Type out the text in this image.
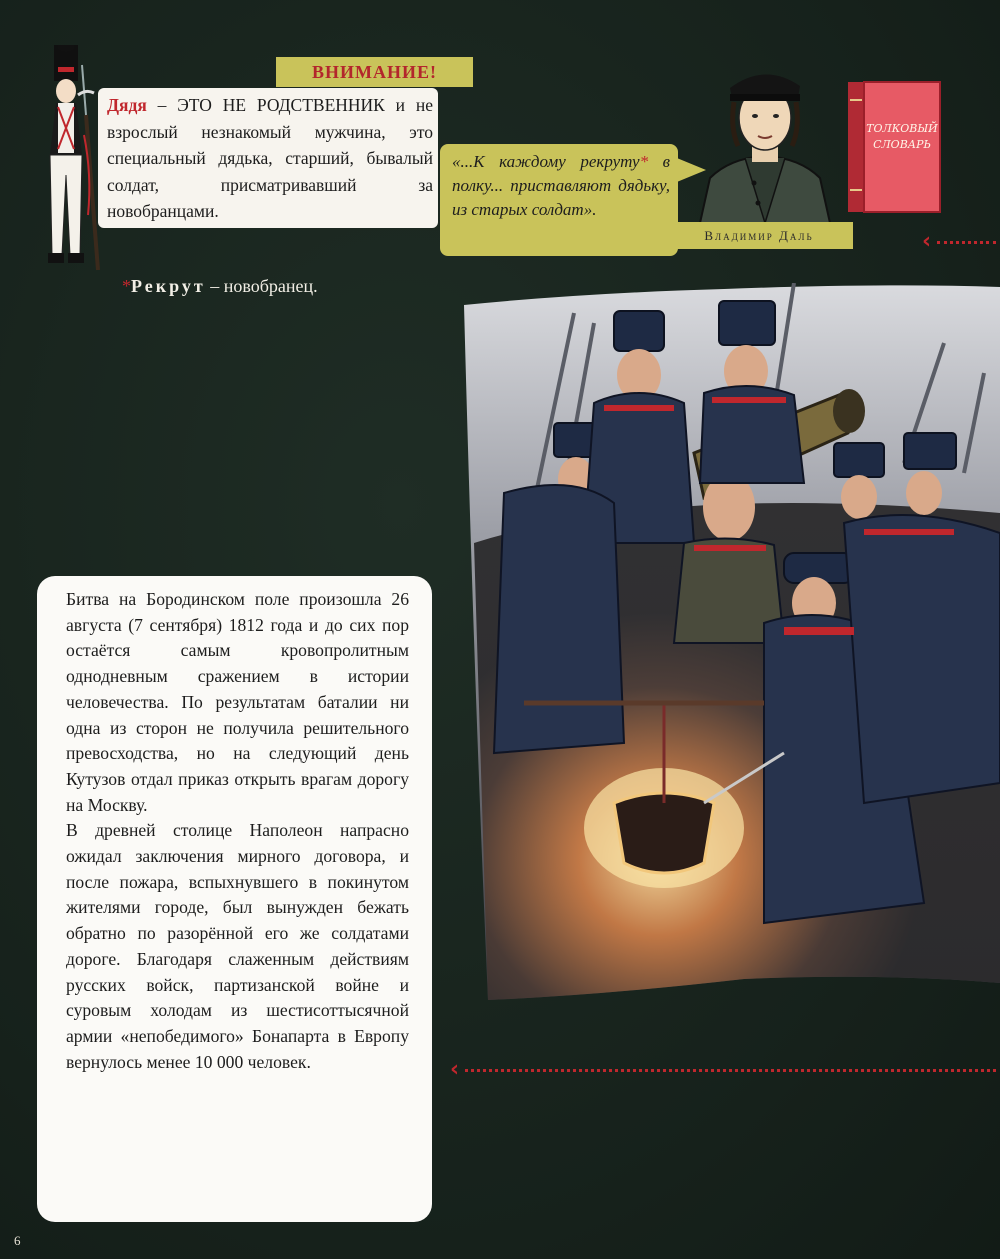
ВНИМАНИЕ!
Дядя – ЭТО НЕ РОДСТВЕННИК и не взрослый незнакомый мужчина, это специальный дядька, старший, бывалый солдат, присматривавший за новобранцами.
«...К каждому рекруту* в полку... приставляют дядьку, из старых солдат».
Владимир Даль
ТОЛКОВЫЙ
СЛОВАРЬ
‹
‹
*Рекрут – новобранец.

Битва на Бородинском поле произошла 26 августа (7 сентября) 1812 года и до сих пор остаётся самым кровопролитным однодневным сражением в истории человечества. По результатам баталии ни одна из сторон не получила решительного превосходства, но на следующий день Кутузов отдал приказ открыть врагам дорогу на Москву.

В древней столице Наполеон напрасно ожидал заключения мирного договора, и после пожара, вспыхнувшего в покинутом жителями городе, был вынужден бежать обратно по разорённой его же солдатами дороге. Благодаря слаженным действиям русских войск, партизанской войне и суровым холодам из шестисоттысячной армии «непобедимого» Бонапарта в Европу вернулось менее 10 000 человек.

6
